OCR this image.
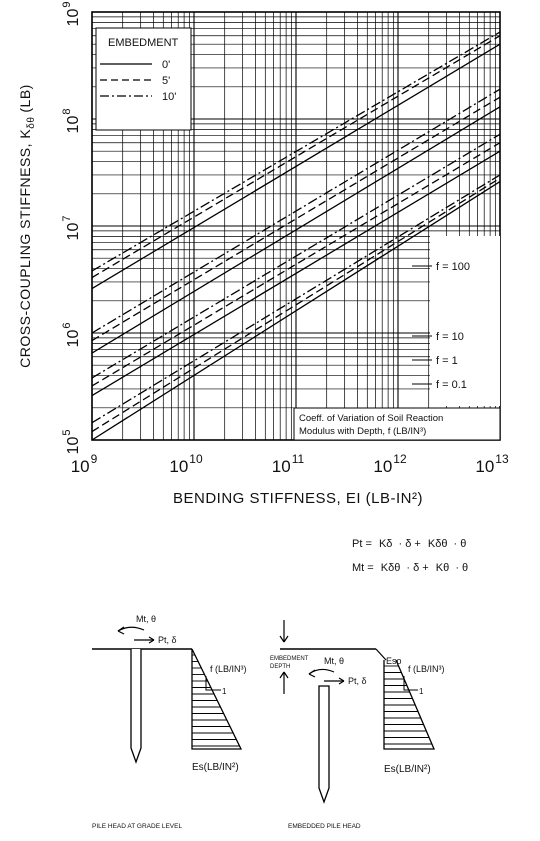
EMBEDMENT
0'
5'
10'
f = 100
f = 10
f = 1
f = 0.1
Coeff. of Variation of Soil Reaction
Modulus with Depth, f (LB/IN³)
$10^9$	$10^{10}$	$10^{11}$	$10^{12}$	$10^{13}$
$10^5$
$10^6$
$10^7$
$10^8$
$10^9$
BENDING STIFFNESS, EI (LB-IN²)
CROSS-COUPLING STIFFNESS, $K_{\delta\theta}(LB)$
Pt = Kδ · δ + Kδθ · θ
Mt = Kδθ · δ + Kθ · θ
Mt, θ
Pt, δ
f (LB/IN³)
1
Es(LB/IN²)
PILE HEAD AT GRADE LEVEL
EMBEDMENT
DEPTH
Mt, θ
Pt, δ
Eso
f (LB/IN³)
1
Es(LB/IN²)
EMBEDDED PILE HEAD
